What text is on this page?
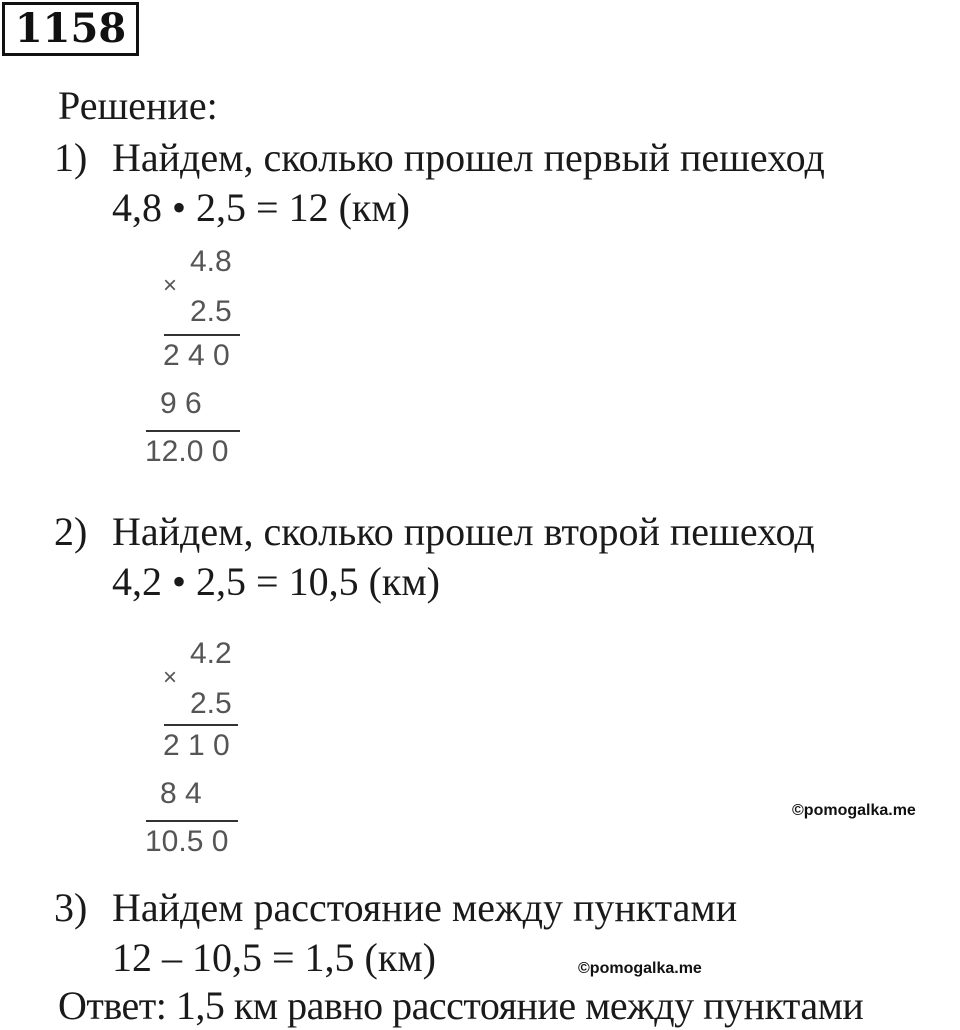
1158
Решение:
1) Найдем, сколько прошел первый пешеход
4,8 • 2,5 = 12 (км)
×
4.8
2.5
2 4 0
9 6
12.0 0
2) Найдем, сколько прошел второй пешеход
4,2 • 2,5 = 10,5 (км)
×
4.2
2.5
2 1 0
8 4
10.5 0
©pomogalka.me
3) Найдем расстояние между пунктами
12 – 10,5 = 1,5 (км)	©pomogalka.me
Ответ: 1,5 км равно расстояние между пунктами
